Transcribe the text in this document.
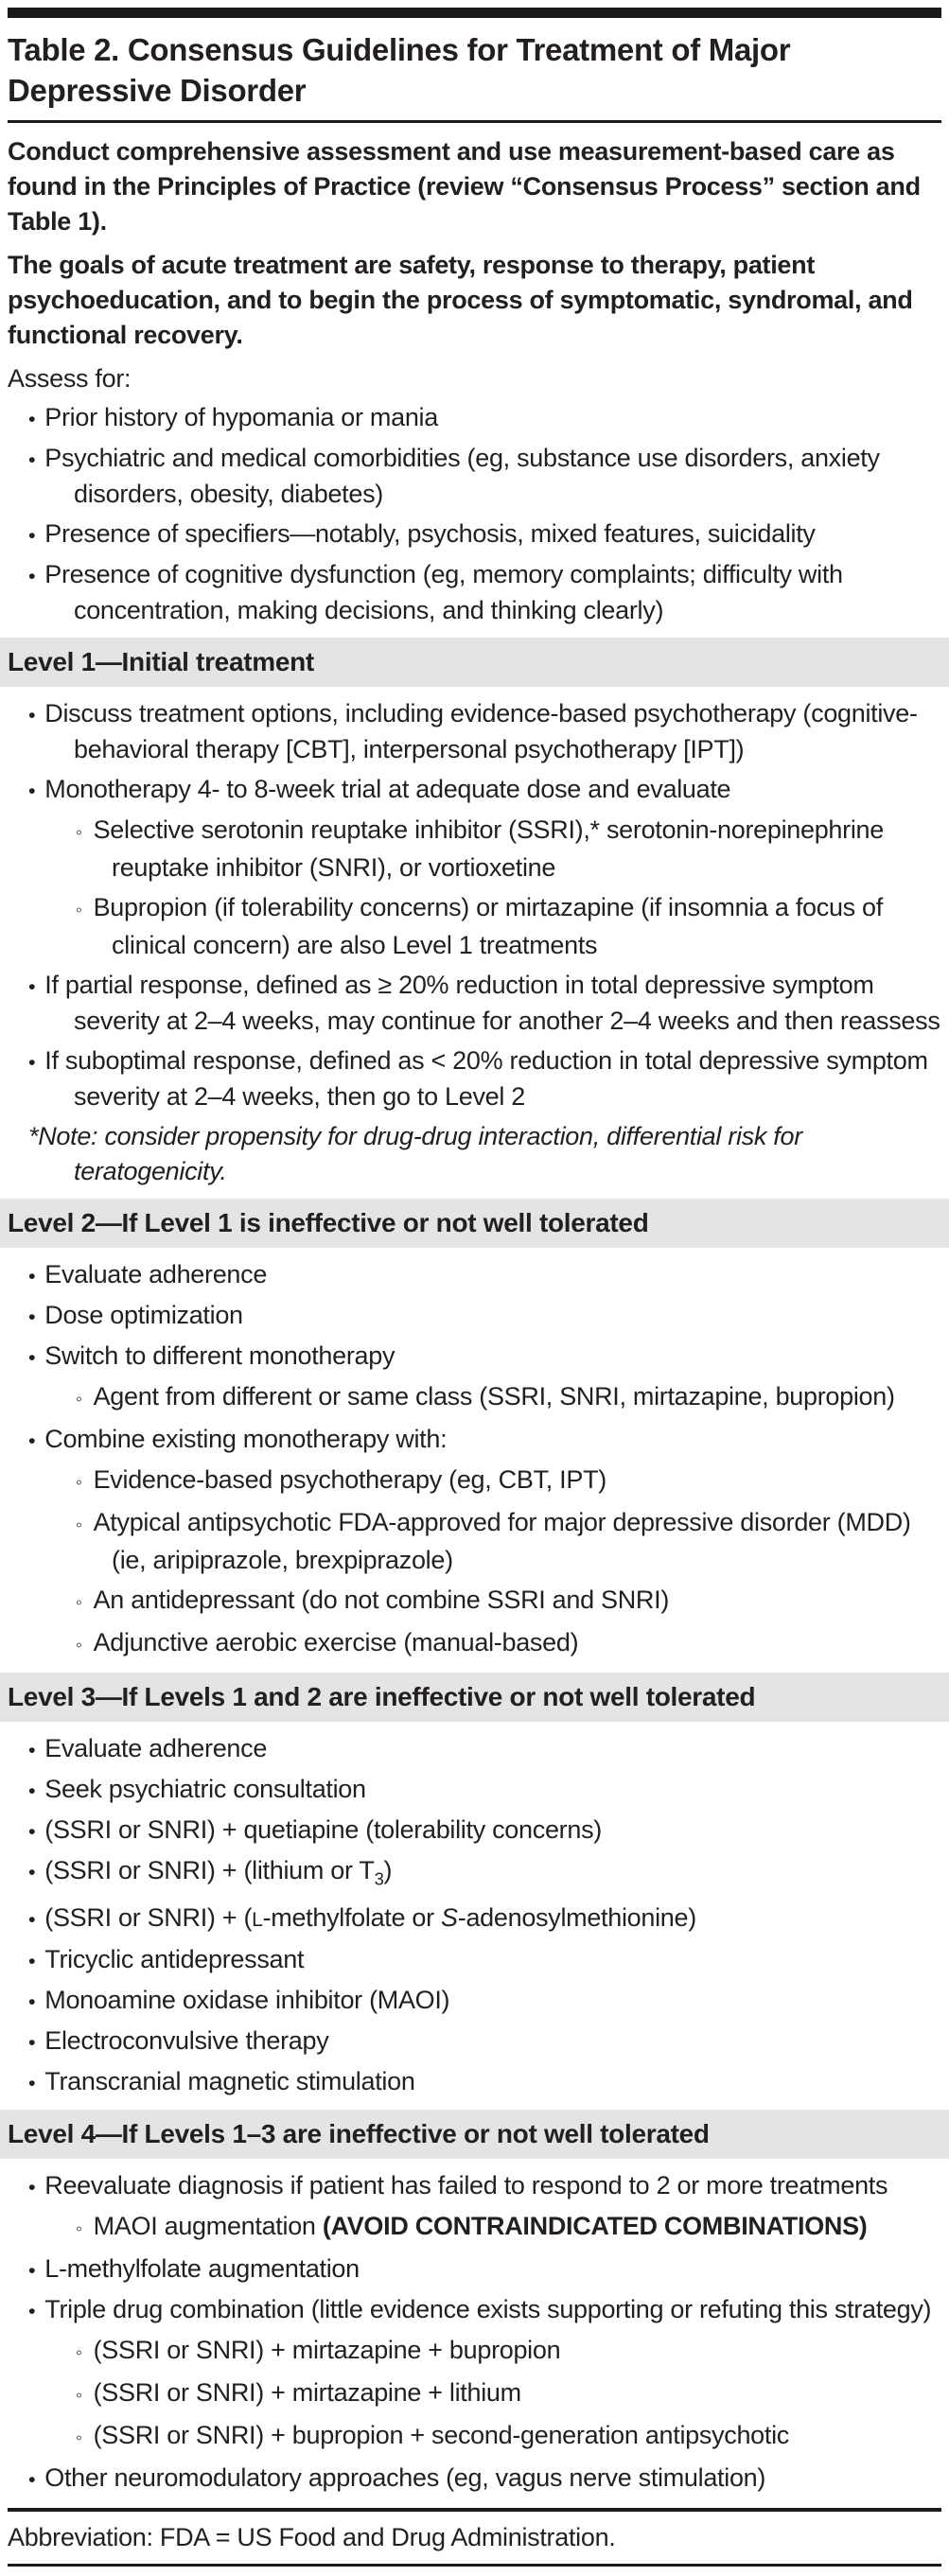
Table 2. Consensus Guidelines for Treatment of Major Depressive Disorder
Conduct comprehensive assessment and use measurement-based care as found in the Principles of Practice (review “Consensus Process” section and Table 1).
The goals of acute treatment are safety, response to therapy, patient psychoeducation, and to begin the process of symptomatic, syndromal, and functional recovery.
Assess for:
• Prior history of hypomania or mania
• Psychiatric and medical comorbidities (eg, substance use disorders, anxiety disorders, obesity, diabetes)
• Presence of specifiers—notably, psychosis, mixed features, suicidality
• Presence of cognitive dysfunction (eg, memory complaints; difficulty with concentration, making decisions, and thinking clearly)
Level 1—Initial treatment
• Discuss treatment options, including evidence-based psychotherapy (cognitive-behavioral therapy [CBT], interpersonal psychotherapy [IPT])
• Monotherapy 4- to 8-week trial at adequate dose and evaluate
◦ Selective serotonin reuptake inhibitor (SSRI),* serotonin-norepinephrine reuptake inhibitor (SNRI), or vortioxetine
◦ Bupropion (if tolerability concerns) or mirtazapine (if insomnia a focus of clinical concern) are also Level 1 treatments
• If partial response, defined as ≥ 20% reduction in total depressive symptom severity at 2–4 weeks, may continue for another 2–4 weeks and then reassess
• If suboptimal response, defined as < 20% reduction in total depressive symptom severity at 2–4 weeks, then go to Level 2
*Note: consider propensity for drug-drug interaction, differential risk for teratogenicity.
Level 2—If Level 1 is ineffective or not well tolerated
• Evaluate adherence
• Dose optimization
• Switch to different monotherapy
◦ Agent from different or same class (SSRI, SNRI, mirtazapine, bupropion)
• Combine existing monotherapy with:
◦ Evidence-based psychotherapy (eg, CBT, IPT)
◦ Atypical antipsychotic FDA-approved for major depressive disorder (MDD) (ie, aripiprazole, brexpiprazole)
◦ An antidepressant (do not combine SSRI and SNRI)
◦ Adjunctive aerobic exercise (manual-based)
Level 3—If Levels 1 and 2 are ineffective or not well tolerated
• Evaluate adherence
• Seek psychiatric consultation
• (SSRI or SNRI) + quetiapine (tolerability concerns)
• (SSRI or SNRI) + (lithium or $T_3$)
• (SSRI or SNRI) + (L-methylfolate or S-adenosylmethionine)
• Tricyclic antidepressant
• Monoamine oxidase inhibitor (MAOI)
• Electroconvulsive therapy
• Transcranial magnetic stimulation
Level 4—If Levels 1–3 are ineffective or not well tolerated
• Reevaluate diagnosis if patient has failed to respond to 2 or more treatments
◦ MAOI augmentation (AVOID CONTRAINDICATED COMBINATIONS)
• L-methylfolate augmentation
• Triple drug combination (little evidence exists supporting or refuting this strategy)
◦ (SSRI or SNRI) + mirtazapine + bupropion
◦ (SSRI or SNRI) + mirtazapine + lithium
◦ (SSRI or SNRI) + bupropion + second-generation antipsychotic
• Other neuromodulatory approaches (eg, vagus nerve stimulation)
Abbreviation: FDA = US Food and Drug Administration.
